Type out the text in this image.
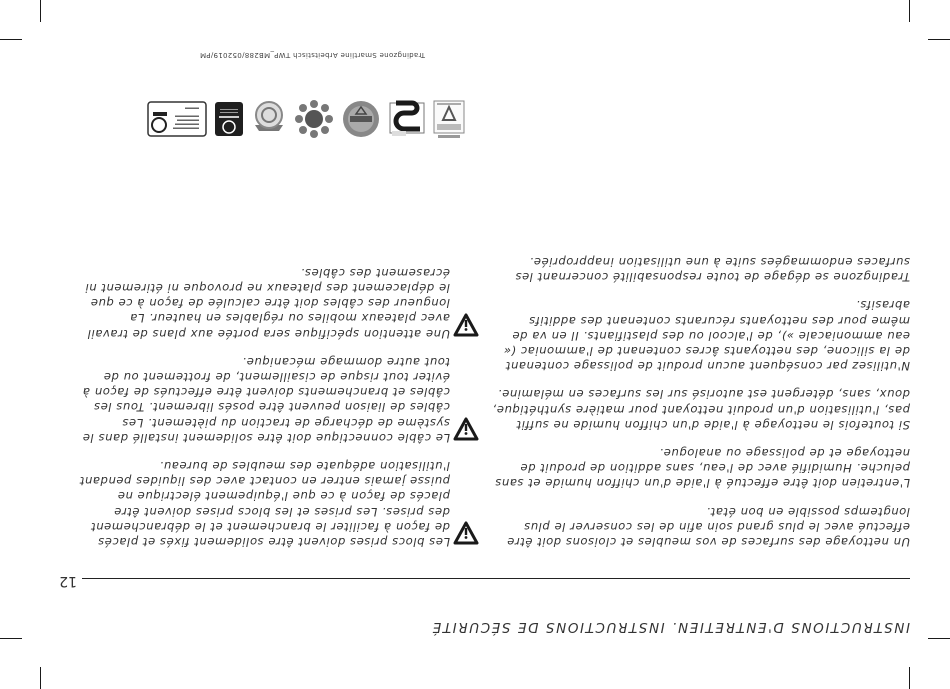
INSTRUCTIONS D'ENTRETIEN. INSTRUCTIONS DE SÉCURITÉ
12

Un nettoyage des surfaces de vos meubles et cloisons doit être effectué avec le plus grand soin afin de les conserver le plus longtemps possible en bon état.

L'entretien doit être effectué à l'aide d'un chiffon humide et sans peluche. Humidifié avec de l'eau, sans addition de produit de nettoyage et de polissage ou analogue.

Si toutefois le nettoyage à l'aide d'un chiffon humide ne suffit pas, l'utilisation d'un produit nettoyant pour matière synthétique, doux, sans, détergent est autorisé sur les surfaces en mélamine.

N'utilisez par conséquent aucun produit de polissage contenant de la silicone, des nettoyants âcres contenant de l'ammoniac (« eau ammoniacale »), de l'alcool ou des plastifiants. Il en va de même pour des nettoyants récurants contenant des additifs abrasifs.

Tradingzone se dégage de toute responsabilité concernant les surfaces endommagées suite à une utilisation inappropriée.

Les blocs prises doivent être solidement fixés et placés de façon à faciliter le branchement et le débranchement des prises. Les prises et les blocs prises doivent être placés de façon à ce que l'équipement électrique ne puisse jamais entrer en contact avec des liquides pendant l'utilisation adéquate des meubles de bureau.

Le câble connectique doit être solidement installé dans le système de décharge de traction du piètement. Les câbles de liaison peuvent être posés librement. Tous les câbles et branchements doivent être effectués de façon à éviter tout risque de cisaillement, de frottement ou de tout autre dommage mécanique.

Une attention spécifique sera portée aux plans de travail avec plateaux mobiles ou réglables en hauteur. La longueur des câbles doit être calculée de façon à ce que le déplacement des plateaux ne provoque ni étirement ni écrasement des câbles.

Tradingzone Smartline Arbeitstisch TWP_MB288/052019/PM
